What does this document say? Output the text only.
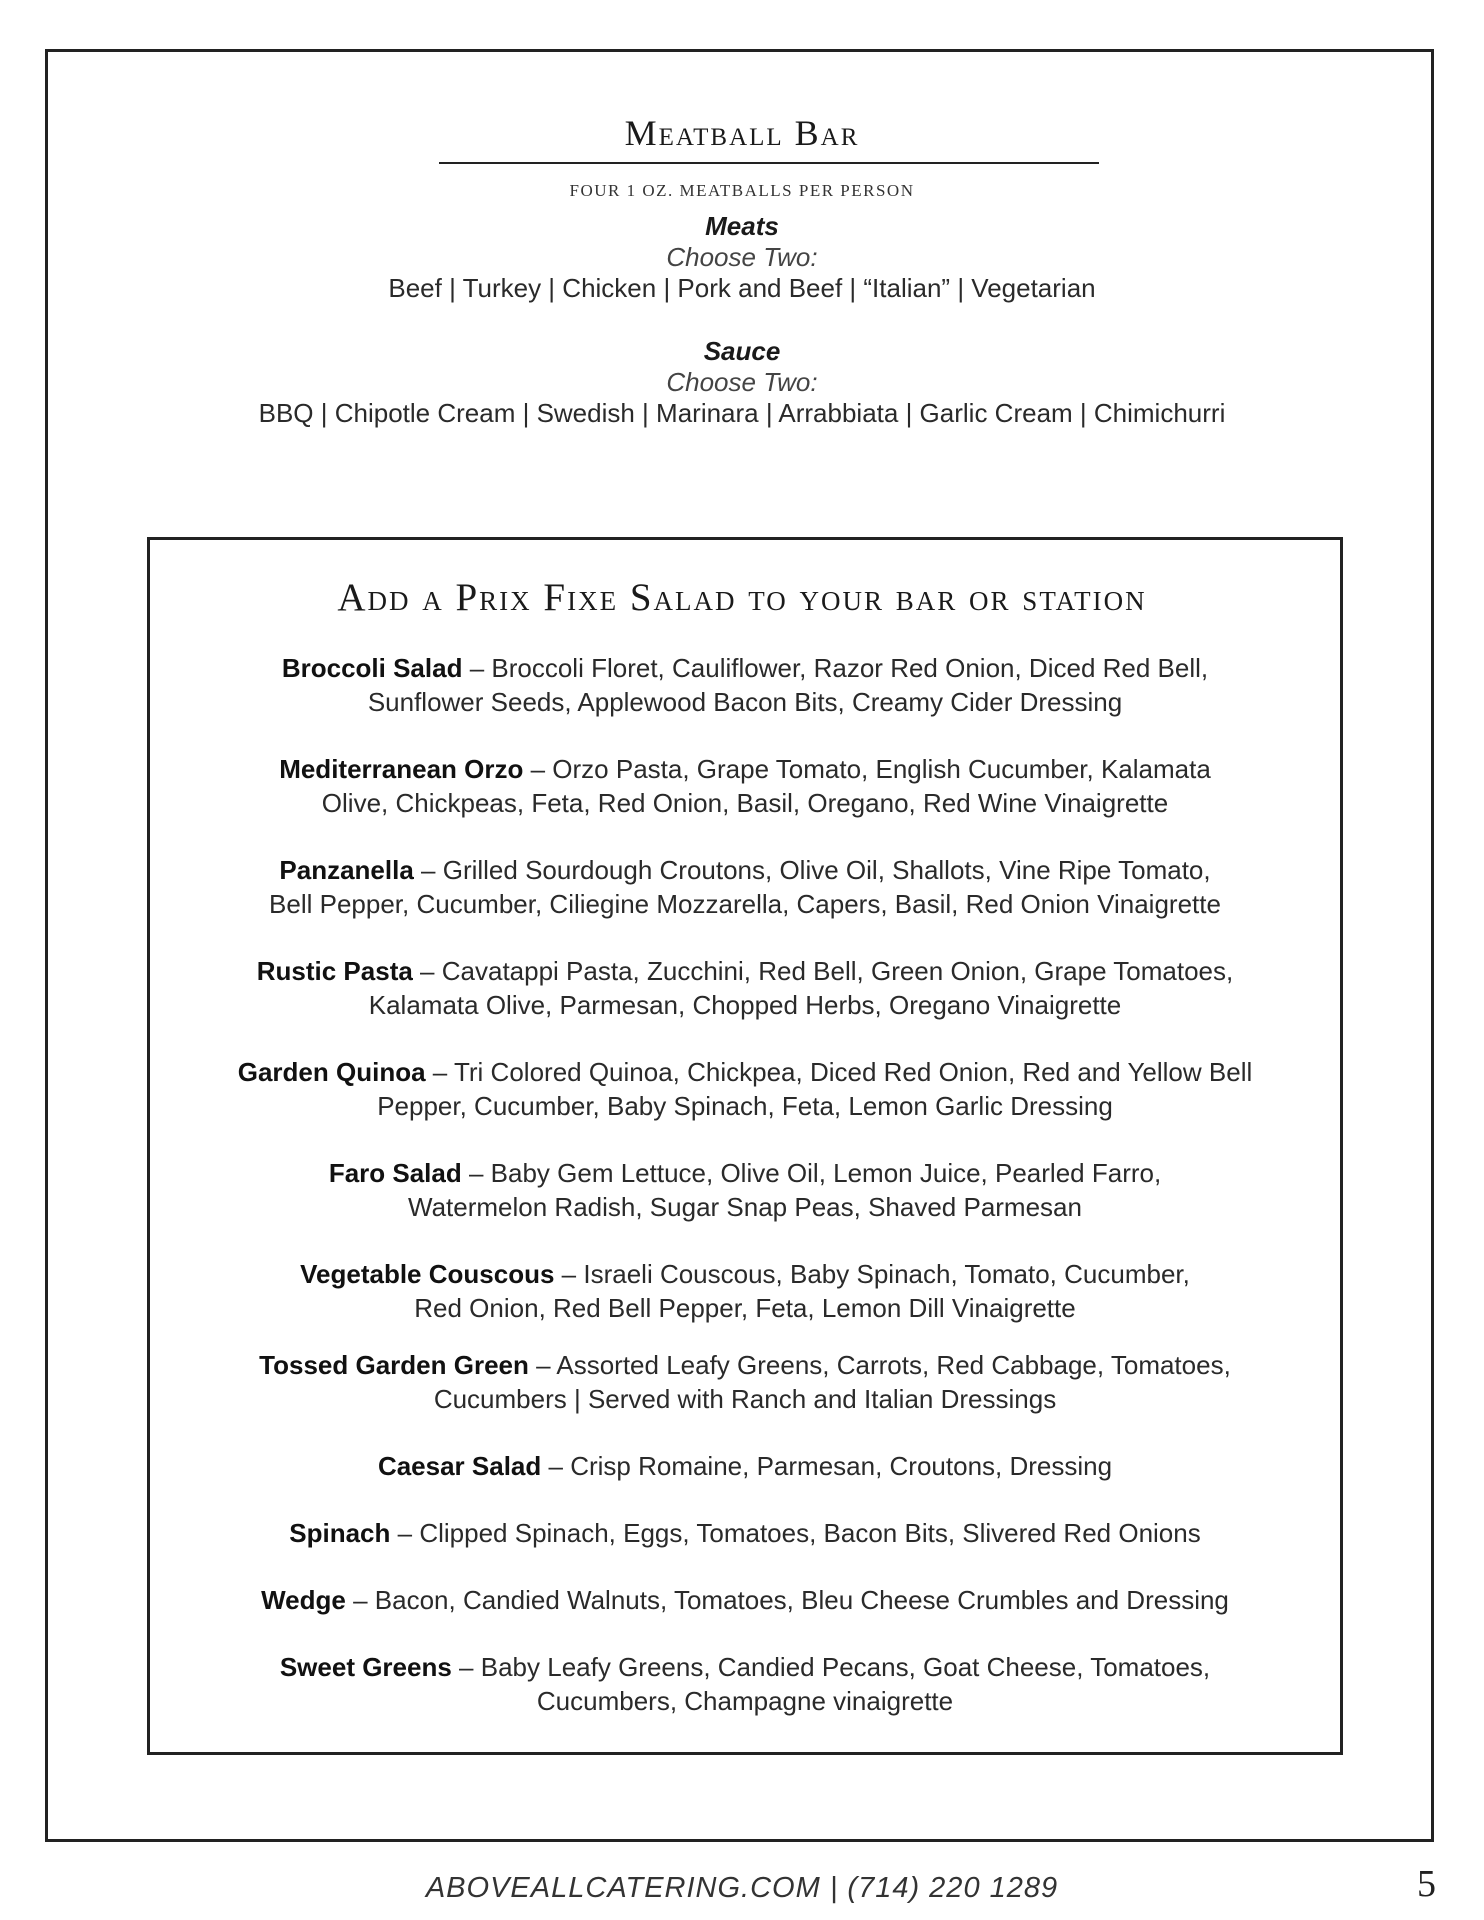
Meatball Bar
FOUR 1 OZ. MEATBALLS PER PERSON
Meats
Choose Two:
Beef | Turkey | Chicken | Pork and Beef | “Italian” | Vegetarian
Sauce
Choose Two:
BBQ | Chipotle Cream | Swedish | Marinara | Arrabbiata | Garlic Cream | Chimichurri
Add a Prix Fixe Salad to your bar or station
Broccoli Salad – Broccoli Floret, Cauliflower, Razor Red Onion, Diced Red Bell,
Sunflower Seeds, Applewood Bacon Bits, Creamy Cider Dressing
Mediterranean Orzo – Orzo Pasta, Grape Tomato, English Cucumber, Kalamata
Olive, Chickpeas, Feta, Red Onion, Basil, Oregano, Red Wine Vinaigrette
Panzanella – Grilled Sourdough Croutons, Olive Oil, Shallots, Vine Ripe Tomato,
Bell Pepper, Cucumber, Ciliegine Mozzarella, Capers, Basil, Red Onion Vinaigrette
Rustic Pasta – Cavatappi Pasta, Zucchini, Red Bell, Green Onion, Grape Tomatoes,
Kalamata Olive, Parmesan, Chopped Herbs, Oregano Vinaigrette
Garden Quinoa – Tri Colored Quinoa, Chickpea, Diced Red Onion, Red and Yellow Bell
Pepper, Cucumber, Baby Spinach, Feta, Lemon Garlic Dressing
Faro Salad – Baby Gem Lettuce, Olive Oil, Lemon Juice, Pearled Farro,
Watermelon Radish, Sugar Snap Peas, Shaved Parmesan
Vegetable Couscous – Israeli Couscous, Baby Spinach, Tomato, Cucumber,
Red Onion, Red Bell Pepper, Feta, Lemon Dill Vinaigrette
Tossed Garden Green – Assorted Leafy Greens, Carrots, Red Cabbage, Tomatoes,
Cucumbers | Served with Ranch and Italian Dressings
Caesar Salad – Crisp Romaine, Parmesan, Croutons, Dressing
Spinach – Clipped Spinach, Eggs, Tomatoes, Bacon Bits, Slivered Red Onions
Wedge – Bacon, Candied Walnuts, Tomatoes, Bleu Cheese Crumbles and Dressing
Sweet Greens – Baby Leafy Greens, Candied Pecans, Goat Cheese, Tomatoes,
Cucumbers, Champagne vinaigrette
ABOVEALLCATERING.COM | (714) 220 1289	5
